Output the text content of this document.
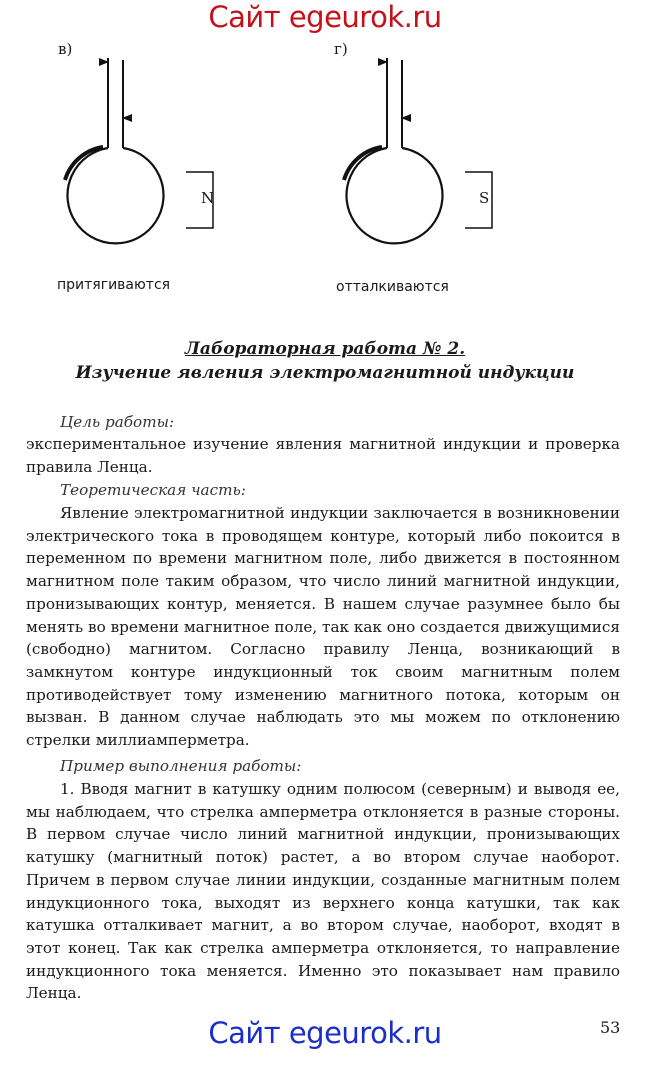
Сайт egeurok.ru
в)	г)
N	S
притягиваются	отталкиваются
Лабораторная работа № 2.
Изучение явления электромагнитной индукции
Цель работы:
экспериментальное изучение явления магнитной индукции и проверка правила Ленца.
Теоретическая часть:
Явление электромагнитной индукции заключается в возникновении электрического тока в проводящем контуре, который либо покоится в переменном по времени магнитном поле, либо движется в постоянном магнитном поле таким образом, что число линий магнитной индукции, пронизывающих контур, меняется. В нашем случае разумнее было бы менять во времени магнитное поле, так как оно создается движущимися (свободно) магнитом. Согласно правилу Ленца, возникающий в замкнутом контуре индукционный ток своим магнитным полем противодействует тому изменению магнитного потока, которым он вызван. В данном случае наблюдать это мы можем по отклонению стрелки миллиамперметра.
Пример выполнения работы:
1. Вводя магнит в катушку одним полюсом (северным) и выводя ее, мы наблюдаем, что стрелка амперметра отклоняется в разные стороны. В первом случае число линий магнитной индукции, пронизывающих катушку (магнитный поток) растет, а во втором случае наоборот. Причем в первом случае линии индукции, созданные магнитным полем индукционного тока, выходят из верхнего конца катушки, так как катушка отталкивает магнит, а во втором случае, наоборот, входят в этот конец. Так как стрелка амперметра отклоняется, то направление индукционного тока меняется. Именно это показывает нам правило Ленца.
53
Сайт egeurok.ru
